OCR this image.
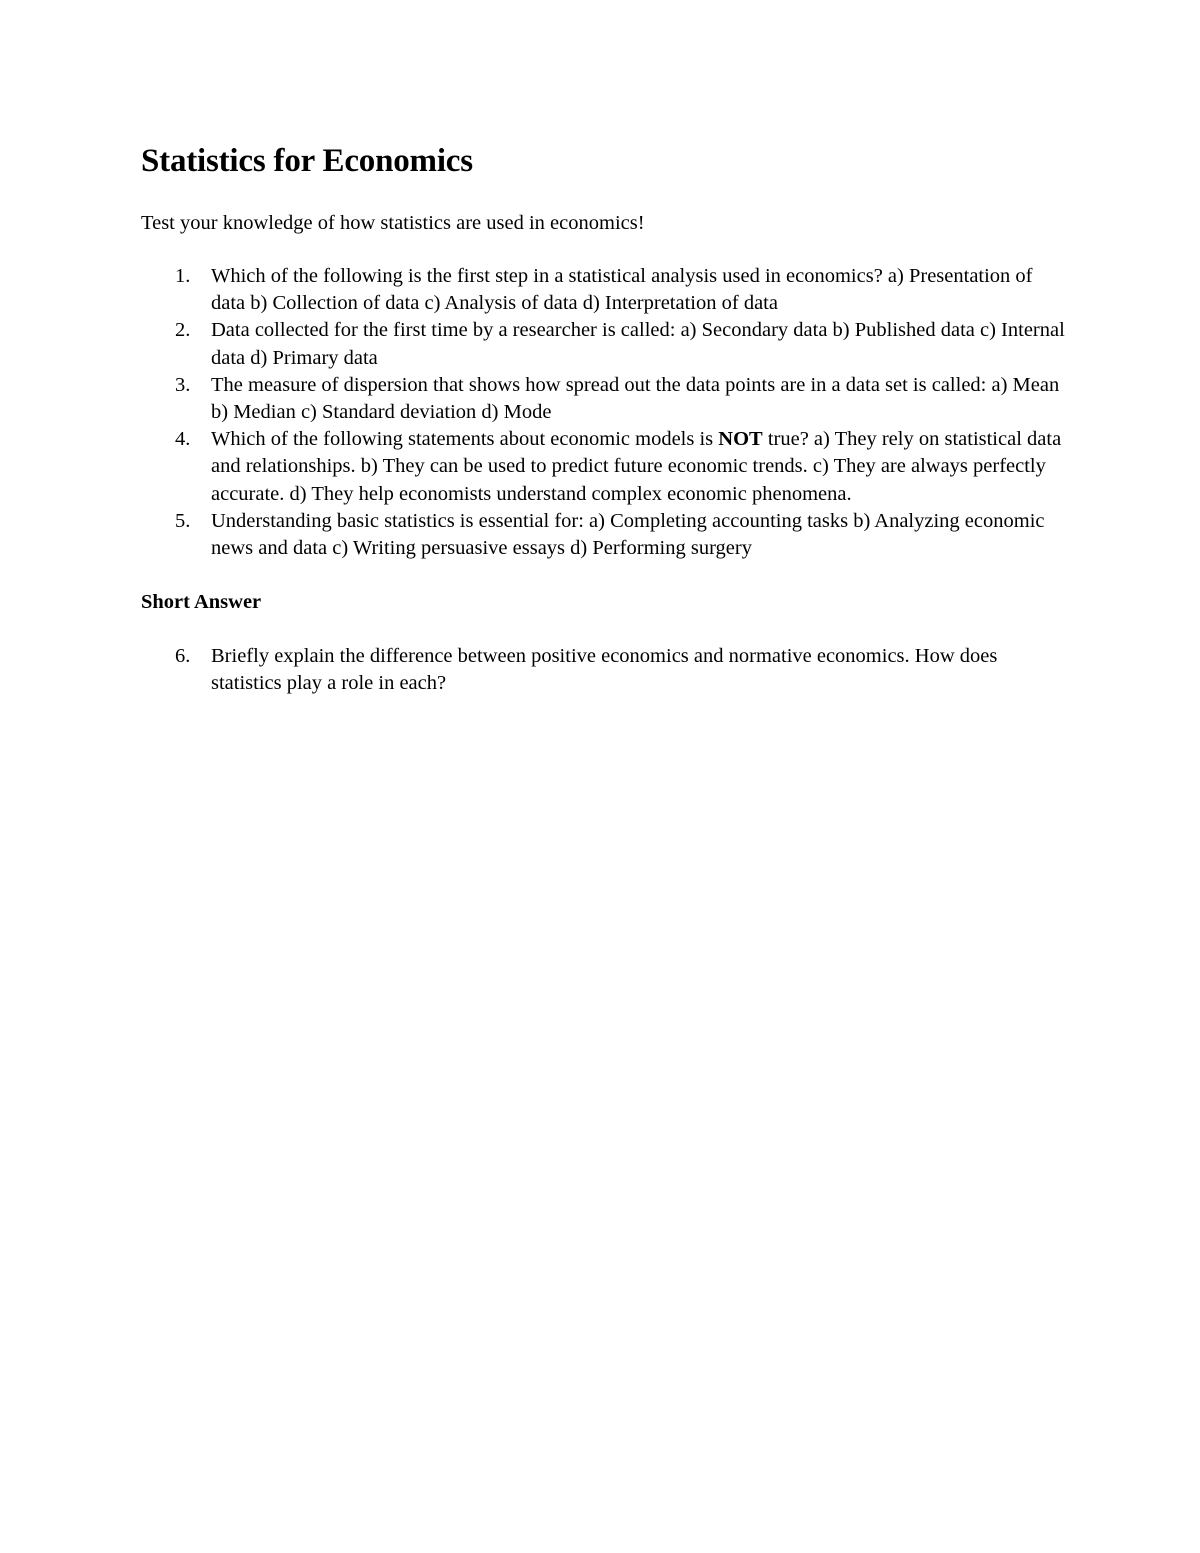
Statistics for Economics

Test your knowledge of how statistics are used in economics!

1. Which of the following is the first step in a statistical analysis used in economics? a) Presentation of data b) Collection of data c) Analysis of data d) Interpretation of data
2. Data collected for the first time by a researcher is called: a) Secondary data b) Published data c) Internal data d) Primary data
3. The measure of dispersion that shows how spread out the data points are in a data set is called: a) Mean b) Median c) Standard deviation d) Mode
4. Which of the following statements about economic models is NOT true? a) They rely on statistical data and relationships. b) They can be used to predict future economic trends. c) They are always perfectly accurate. d) They help economists understand complex economic phenomena.
5. Understanding basic statistics is essential for: a) Completing accounting tasks b) Analyzing economic news and data c) Writing persuasive essays d) Performing surgery

Short Answer

6. Briefly explain the difference between positive economics and normative economics. How does statistics play a role in each?
